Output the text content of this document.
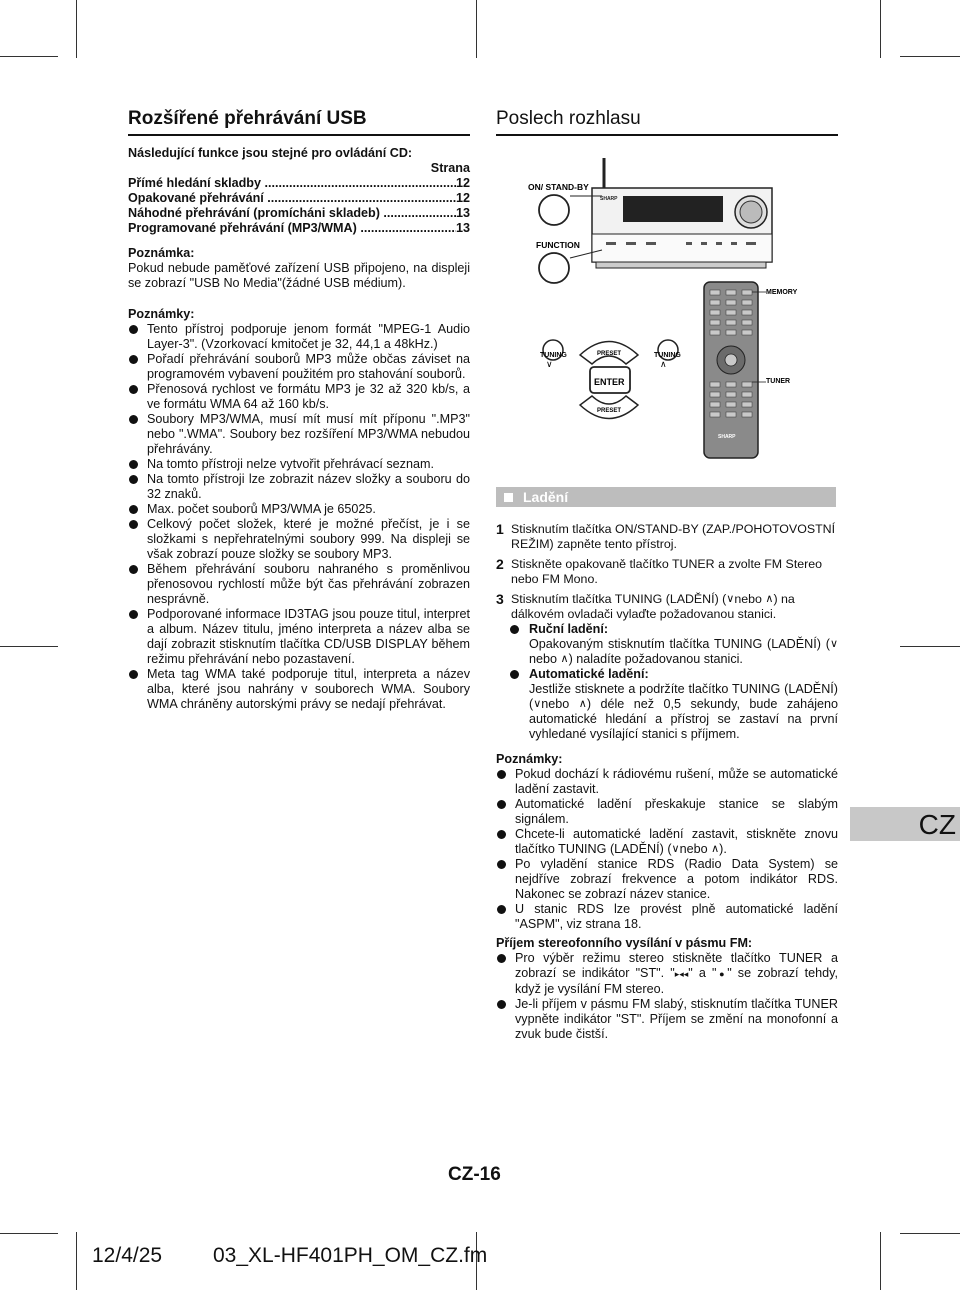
Rozšířené přehrávání USB	Poslech rozhlasu
Následující funkce jsou stejné pro ovládání CD:
Strana
Přímé hledání skladby .....	12
Opakované přehrávání .....	12
Náhodné přehrávání (promícháni skladeb) .....	13
Programované přehrávání (MP3/WMA) .....	13
Poznámka:

Pokud nebude paměťové zařízení USB připojeno, na displeji se zobrazí "USB No Media"(žádné USB médium).

Poznámky:
Tento přístroj podporuje jenom formát "MPEG-1 Audio Layer-3". (Vzorkovací kmitočet je 32, 44,1 a 48kHz.)
Pořadí přehrávání souborů MP3 může občas záviset na programovém vybavení použitém pro stahování souborů.
Přenosová rychlost ve formátu MP3 je 32 až 320 kb/s, a ve formátu WMA 64 až 160 kb/s.
Soubory MP3/WMA, musí mít musí mít příponu ".MP3" nebo ".WMA". Soubory bez rozšíření MP3/WMA nebudou přehrávány.
Na tomto přístroji nelze vytvořit přehrávací seznam.
Na tomto přístroji lze zobrazit název složky a souboru do 32 znaků.
Max. počet souborů MP3/WMA je 65025.
Celkový počet složek, které je možné přečíst, je i se složkami s nepřehratelnými soubory 999. Na displeji se však zobrazí pouze složky se soubory MP3.
Během přehrávání souboru nahraného s proměnlivou přenosovou rychlostí může být čas přehrávání zobrazen nesprávně.
Podporované informace ID3TAG jsou pouze titul, interpret a album. Název titulu, jméno interpreta a název alba se dají zobrazit stisknutím tlačítka CD/USB DISPLAY během režimu přehrávání nebo pozastavení.
Meta tag WMA také podporuje titul, interpreta a název alba, které jsou nahrány v souborech WMA. Soubory WMA chráněny autorskými právy se nedají přehrávat.
SHARP
ON/ STAND-BY
FUNCTION
SHARP
MEMORY
TUNER
TUNING
∨
TUNING
∧
PRESET
ENTER
PRESET
Ladění
1 Stisknutím tlačítka ON/STAND-BY (ZAP./POHOTOVOSTNÍ REŽIM) zapněte tento přístroj.
2 Stiskněte opakovaně tlačítko TUNER a zvolte FM Stereo nebo FM Mono.
3 Stisknutím tlačítka TUNING (LADĚNÍ) (∨nebo ∧) na dálkovém ovladači vylaďte požadovanou stanici.
Ruční ladění:
Opakovaným stisknutím tlačítka TUNING (LADĚNÍ) (∨nebo ∧) naladíte požadovanou stanici.
Automatické ladění:
Jestliže stisknete a podržíte tlačítko TUNING (LADĚNÍ) (∨nebo ∧) déle než 0,5 sekundy, bude zahájeno automatické hledání a přístroj se zastaví na první vyhledané vysílající stanici s příjmem.
Poznámky:
Pokud dochází k rádiovému rušení, může se automatické ladění zastavit.
Automatické ladění přeskakuje stanice se slabým signálem.
Chcete-li automatické ladění zastavit, stiskněte znovu tlačítko TUNING (LADĚNÍ) (∨nebo ∧).
Po vyladění stanice RDS (Radio Data System) se nejdříve zobrazí frekvence a potom indikátor RDS. Nakonec se zobrazí název stanice.
U stanic RDS lze provést plně automatické ladění "ASPM", viz strana 18.
Příjem stereofonního vysílání v pásmu FM:
Pro výběr režimu stereo stiskněte tlačítko TUNER a zobrazí se indikátor "ST". "▸◂◂" a "●" se zobrazí tehdy, když je vysílání FM stereo.
Je-li příjem v pásmu FM slabý, stisknutím tlačítka TUNER vypněte indikátor "ST". Příjem se změní na monofonní a zvuk bude čistší.
CZ
CZ-16
12/4/25 03_XL-HF401PH_OM_CZ.fm
